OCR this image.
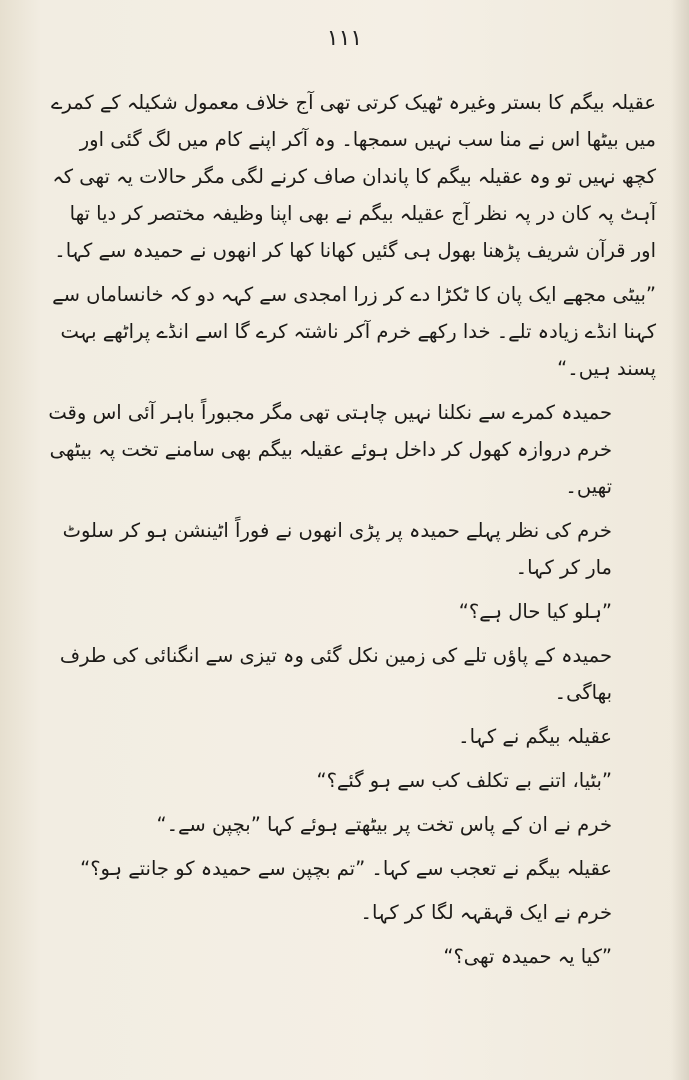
۱۱۱

عقیلہ بیگم کا بستر وغیرہ ٹھیک کرتی تھی آج خلاف معمول شکیلہ کے کمرے میں بیٹھا اس نے منا سب نہیں سمجھا۔ وہ آکر اپنے کام میں لگ گئی اور کچھ نہیں تو وہ عقیلہ بیگم کا پاندان صاف کرنے لگی مگر حالات یہ تھی کہ آہٹ پہ کان در پہ نظر آج عقیلہ بیگم نے بھی اپنا وظیفہ مختصر کر دیا تھا اور قرآن شریف پڑھنا بھول ہی گئیں کھانا کھا کر انھوں نے حمیدہ سے کہا۔

”بیٹی مجھے ایک پان کا ٹکڑا دے کر زرا امجدی سے کہہ دو کہ خانساماں سے کہنا انڈے زیادہ تلے۔ خدا رکھے خرم آکر ناشتہ کرے گا اسے انڈے پراٹھے بہت پسند ہیں۔“

حمیدہ کمرے سے نکلنا نہیں چاہتی تھی مگر مجبوراً باہر آئی اس وقت خرم دروازہ کھول کر داخل ہوئے عقیلہ بیگم بھی سامنے تخت پہ بیٹھی تھیں۔

خرم کی نظر پہلے حمیدہ پر پڑی انھوں نے فوراً اٹینشن ہو کر سلوٹ مار کر کہا۔

”ہلو کیا حال ہے؟“

حمیدہ کے پاؤں تلے کی زمین نکل گئی وہ تیزی سے انگنائی کی طرف بھاگی۔

عقیلہ بیگم نے کہا۔

”بٹیا، اتنے بے تکلف کب سے ہو گئے؟“

خرم نے ان کے پاس تخت پر بیٹھتے ہوئے کہا ”بچپن سے۔“

عقیلہ بیگم نے تعجب سے کہا۔ ”تم بچپن سے حمیدہ کو جانتے ہو؟“

خرم نے ایک قہقہہ لگا کر کہا۔

”کیا یہ حمیدہ تھی؟“
